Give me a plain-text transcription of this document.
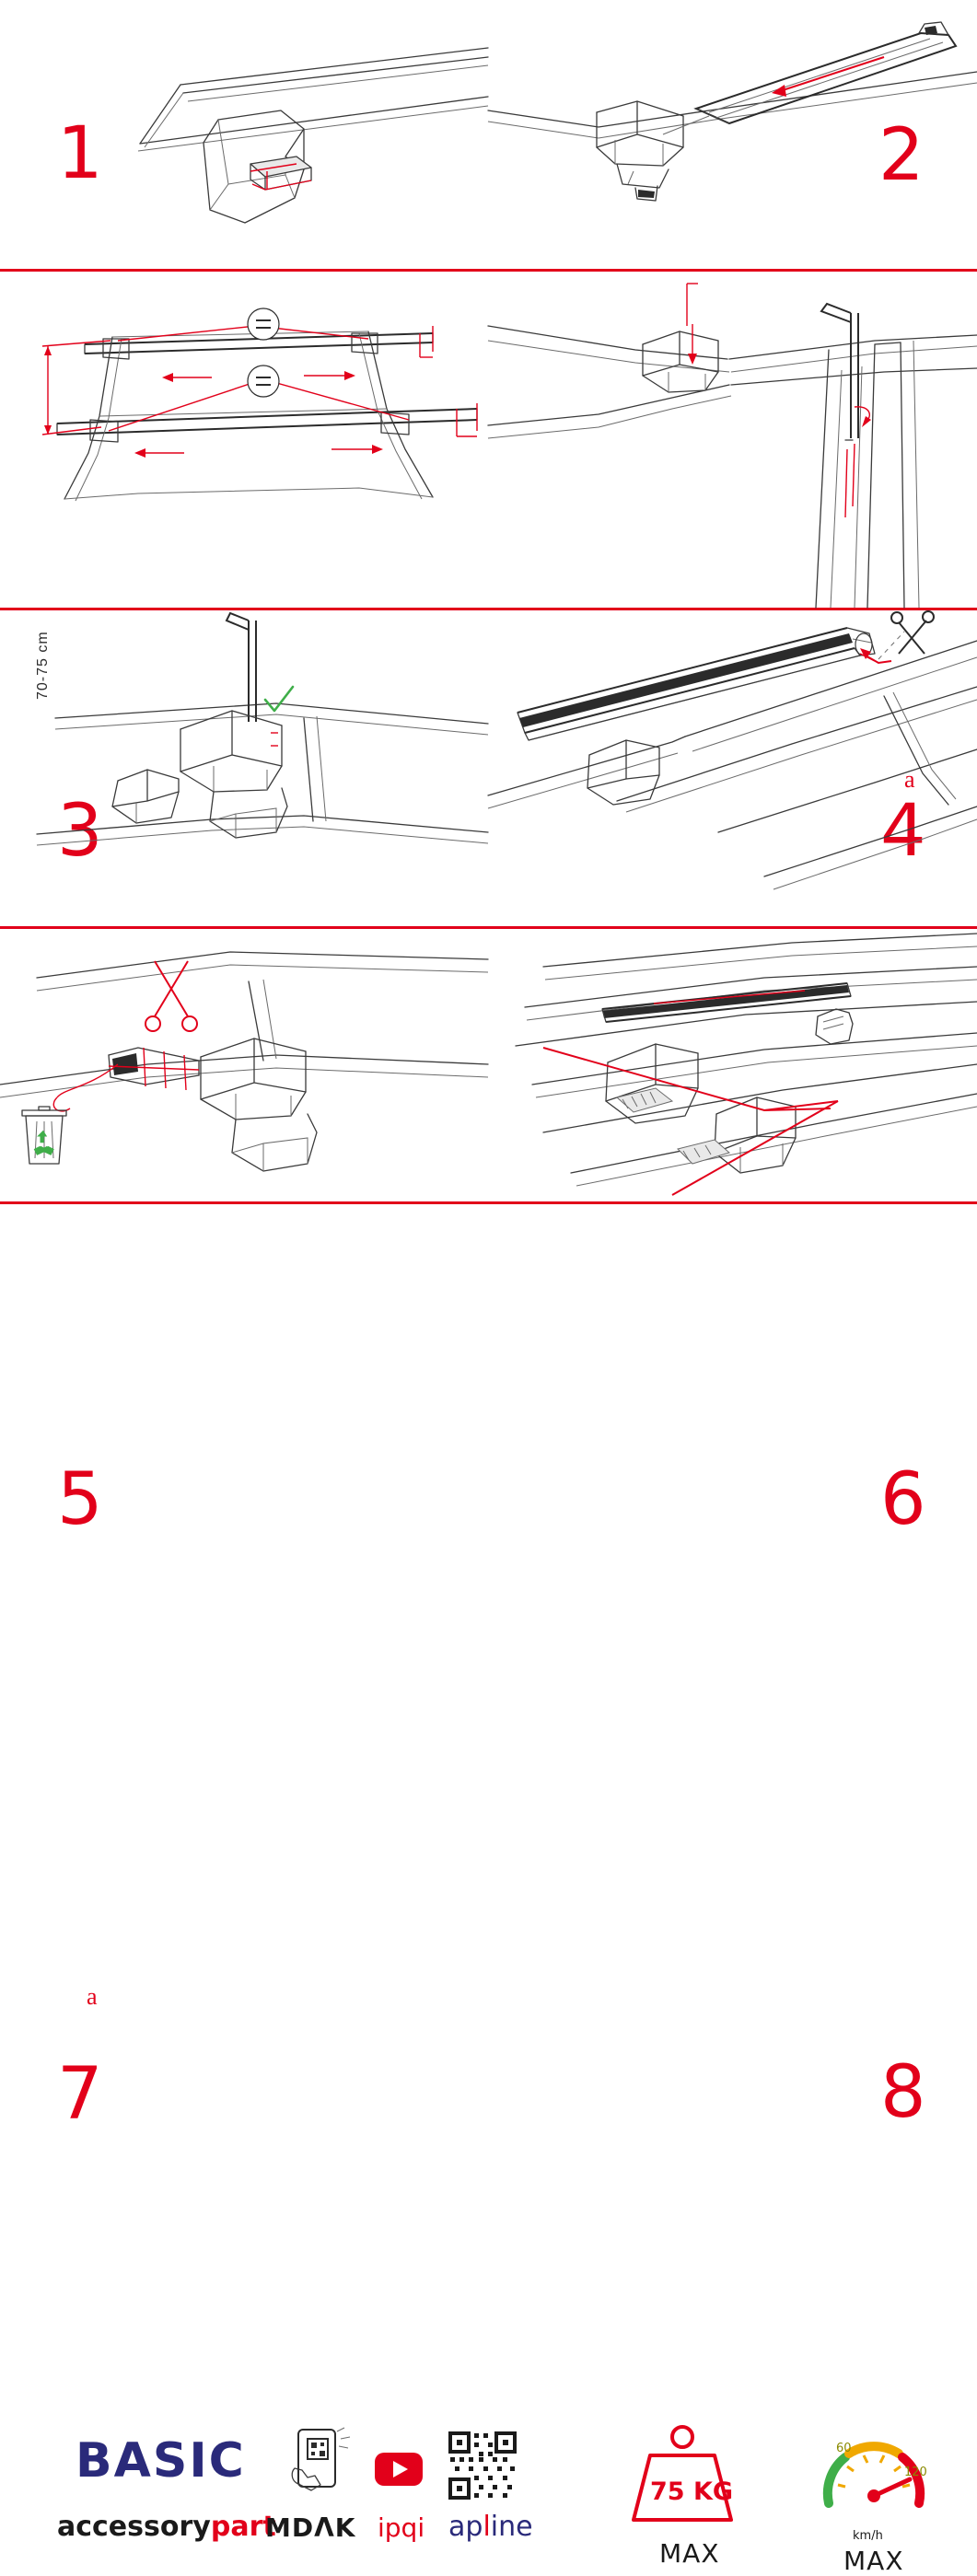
1	2
70-75 cm
3	4
5
a
6
a
7	8
BASIC
accessorypart
MDΛK ipqi apline
75 KG
MAX
60
120
km/h
MAX
